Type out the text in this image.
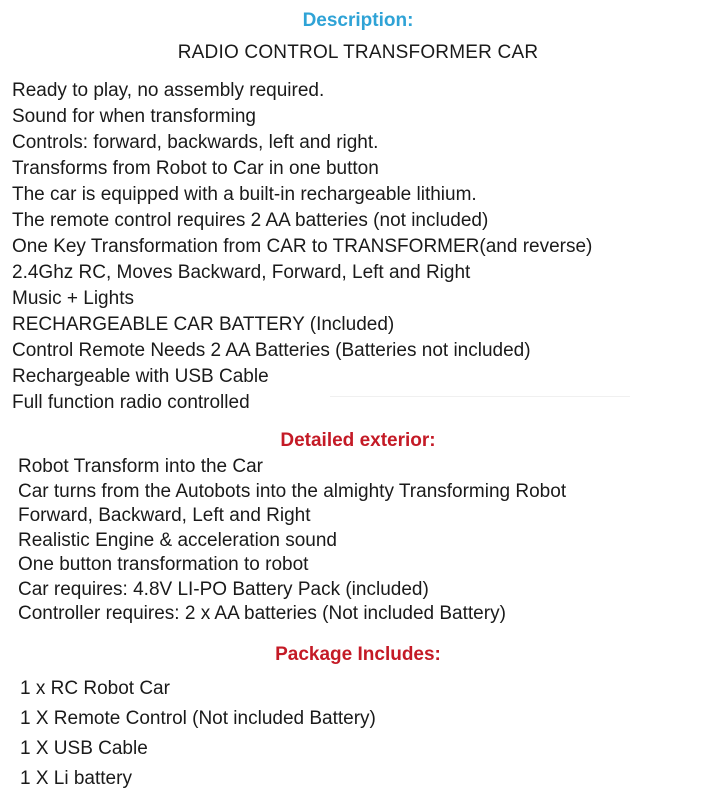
Description:
RADIO CONTROL TRANSFORMER CAR
Ready to play, no assembly required.
Sound for when transforming
Controls: forward, backwards, left and right.
Transforms from Robot to Car in one button
The car is equipped with a built-in rechargeable lithium.
The remote control requires 2 AA batteries (not included)
One Key Transformation from CAR to TRANSFORMER(and reverse)
2.4Ghz RC, Moves Backward, Forward, Left and Right
Music + Lights
RECHARGEABLE CAR BATTERY (Included)
Control Remote Needs 2 AA Batteries (Batteries not included)
Rechargeable with USB Cable
Full function radio controlled
Detailed exterior:
Robot Transform into the Car
Car turns from the Autobots into the almighty Transforming Robot
Forward, Backward, Left and Right
Realistic Engine & acceleration sound
One button transformation to robot
Car requires: 4.8V LI-PO Battery Pack (included)
Controller requires: 2 x AA batteries (Not included Battery)
Package Includes:
1 x RC Robot Car
1 X Remote Control (Not included Battery)
1 X USB Cable
1 X Li battery
